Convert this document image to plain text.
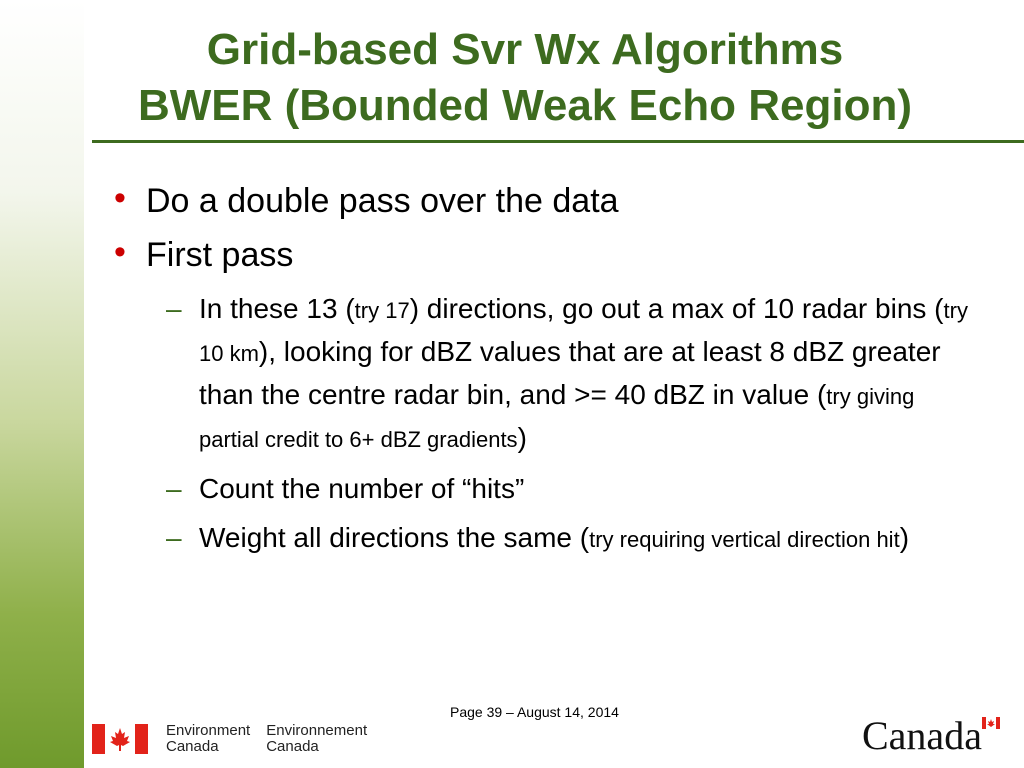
Grid-based Svr Wx Algorithms
BWER (Bounded Weak Echo Region)
• Do a double pass over the data
• First pass
– In these 13 (try 17) directions, go out a max of 10 radar bins (try 10 km), looking for dBZ values that are at least 8 dBZ greater than the centre radar bin, and >= 40 dBZ in value (try giving partial credit to 6+ dBZ gradients)
– Count the number of “hits”
– Weight all directions the same (try requiring vertical direction hit)
Page 39 – August 14, 2014
Environment
Canada
Environnement
Canada	Canada
